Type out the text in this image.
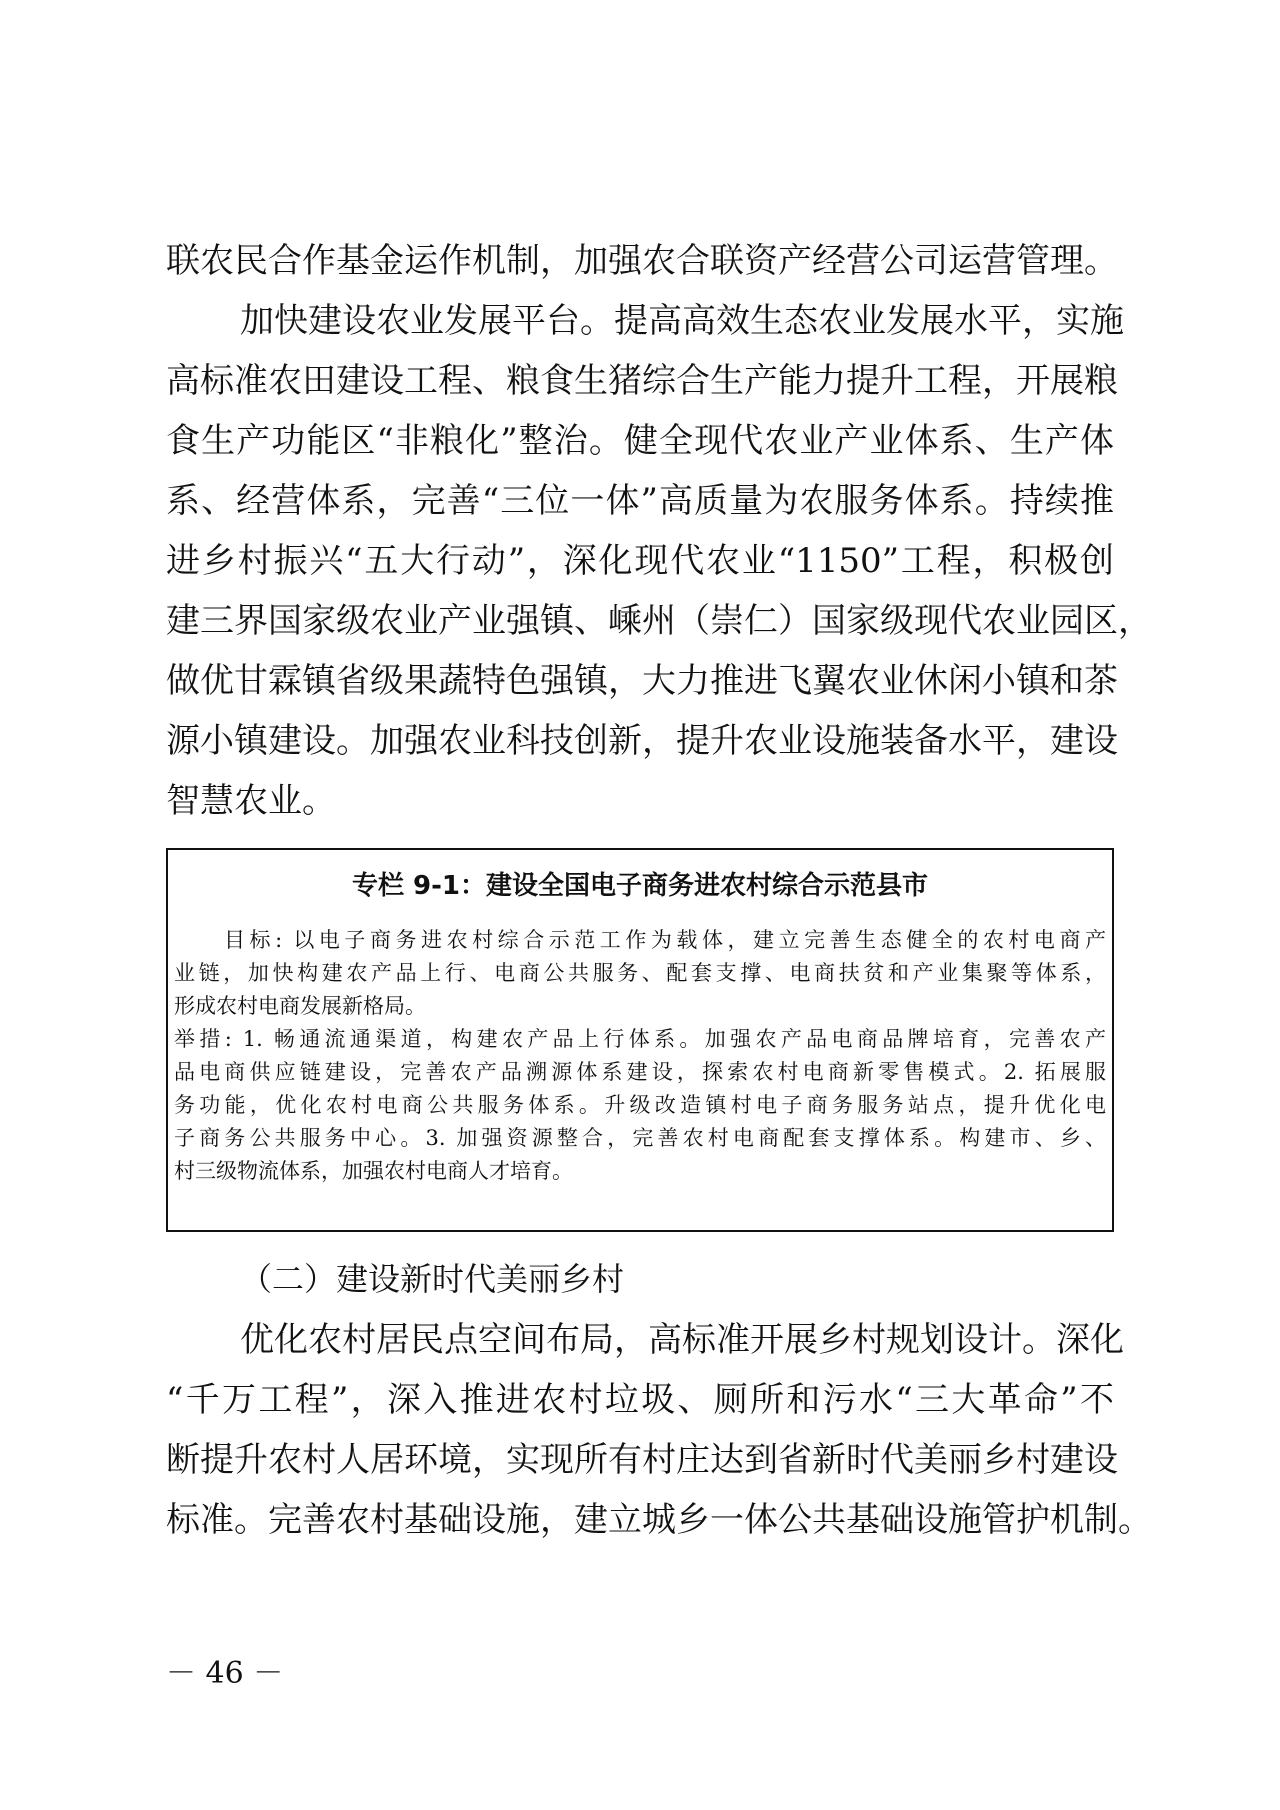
联农民合作基金运作机制，加强农合联资产经营公司运营管理。
加快建设农业发展平台。提高高效生态农业发展水平，实施
高标准农田建设工程、粮食生猪综合生产能力提升工程，开展粮
食生产功能区“非粮化”整治。健全现代农业产业体系、生产体
系、经营体系，完善“三位一体”高质量为农服务体系。持续推
进乡村振兴“五大行动”，深化现代农业“1150”工程，积极创
建三界国家级农业产业强镇、嵊州（崇仁）国家级现代农业园区，
做优甘霖镇省级果蔬特色强镇，大力推进飞翼农业休闲小镇和茶
源小镇建设。加强农业科技创新，提升农业设施装备水平，建设
智慧农业。
专栏 9-1：建设全国电子商务进农村综合示范县市
目标: 以电子商务进农村综合示范工作为载体，建立完善生态健全的农村电商产
业链，加快构建农产品上行、电商公共服务、配套支撑、电商扶贫和产业集聚等体系，
形成农村电商发展新格局。
举措: 1. 畅通流通渠道，构建农产品上行体系。加强农产品电商品牌培育，完善农产
品电商供应链建设，完善农产品溯源体系建设，探索农村电商新零售模式。2. 拓展服
务功能，优化农村电商公共服务体系。升级改造镇村电子商务服务站点，提升优化电
子商务公共服务中心。3. 加强资源整合，完善农村电商配套支撑体系。构建市、乡、
村三级物流体系，加强农村电商人才培育。
（二）建设新时代美丽乡村
优化农村居民点空间布局，高标准开展乡村规划设计。深化
“千万工程”，深入推进农村垃圾、厕所和污水“三大革命”不
断提升农村人居环境，实现所有村庄达到省新时代美丽乡村建设
标准。完善农村基础设施，建立城乡一体公共基础设施管护机制。
－ 46 －
